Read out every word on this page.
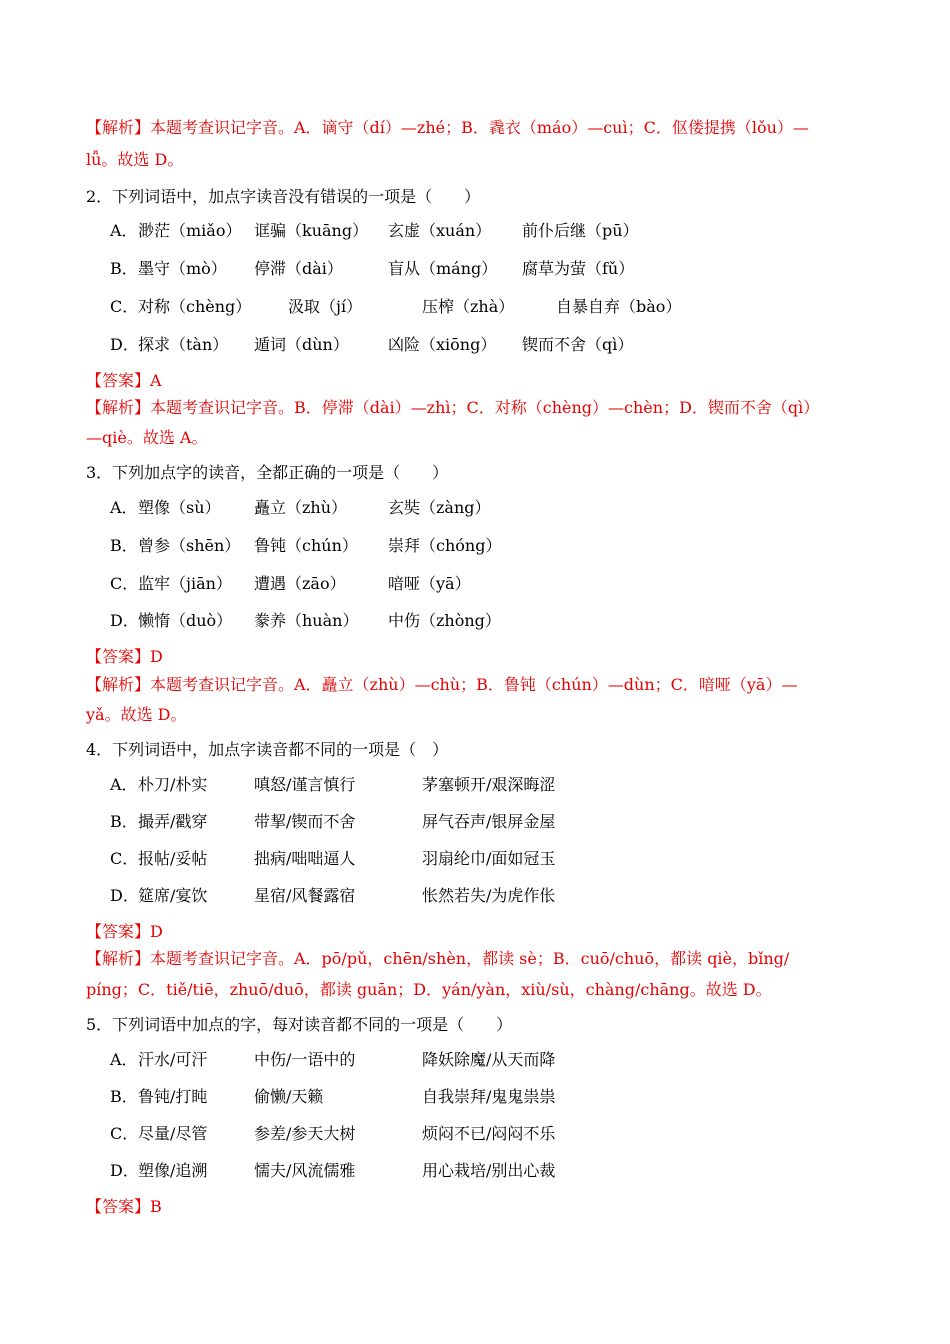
【解析】本题考查识记字音。A．谪守（dí）—zhé；B．毳衣（máo）—cuì；C．伛偻提携（lǒu）—
lǚ。故选 D。
2．下列词语中，加点字读音没有错误的一项是（　　）
A． 渺茫（miǎo） 诓骗（kuāng） 玄虚（xuán） 前仆后继（pū）
B． 墨守（mò） 停滞（dài）	盲从（máng） 腐草为萤（fǔ）
C． 对称（chèng） 汲取（jí）	压榨（zhà）	自暴自弃（bào）
D． 探求（tàn） 遁词（dùn） 凶险（xiōng） 锲而不舍（qì）
【答案】A
【解析】本题考查识记字音。B．停滞（dài）—zhì；C．对称（chèng）—chèn；D．锲而不舍（qì）
—qiè。故选 A。
3．下列加点字的读音，全都正确的一项是（　　）
A． 塑像（sù） 矗立（zhù）	玄奘（zàng）
B． 曾参（shēn） 鲁钝（chún） 崇拜（chóng）
C． 监牢（jiān） 遭遇（zāo）	喑哑（yā）
D． 懒惰（duò） 豢养（huàn） 中伤（zhòng）
【答案】D
【解析】本题考查识记字音。A．矗立（zhù）—chù；B．鲁钝（chún）—dùn；C．喑哑（yā）—
yǎ。故选 D。
4．下列词语中，加点字读音都不同的一项是（　）
A． 朴刀/朴实	嗔怒/谨言慎行	茅塞顿开/艰深晦涩
B． 撮弄/戳穿	带挈/锲而不舍	屏气吞声/银屏金屋
C． 报帖/妥帖	拙病/咄咄逼人	羽扇纶巾/面如冠玉
D． 筵席/宴饮	星宿/风餐露宿	怅然若失/为虎作伥
【答案】D
【解析】本题考查识记字音。A．pō/pǔ，chēn/shèn，都读 sè；B．cuō/chuō，都读 qiè，bǐng/
píng；C．tiě/tiē，zhuō/duō，都读 guān；D．yán/yàn，xiù/sù，chàng/chāng。故选 D。
5．下列词语中加点的字，每对读音都不同的一项是（　　）
A． 汗水/可汗	中伤/一语中的	降妖除魔/从天而降
B． 鲁钝/打盹	偷懒/天籁	自我崇拜/鬼鬼祟祟
C． 尽量/尽管	参差/参天大树	烦闷不已/闷闷不乐
D． 塑像/追溯	懦夫/风流儒雅	用心栽培/别出心裁
【答案】B
